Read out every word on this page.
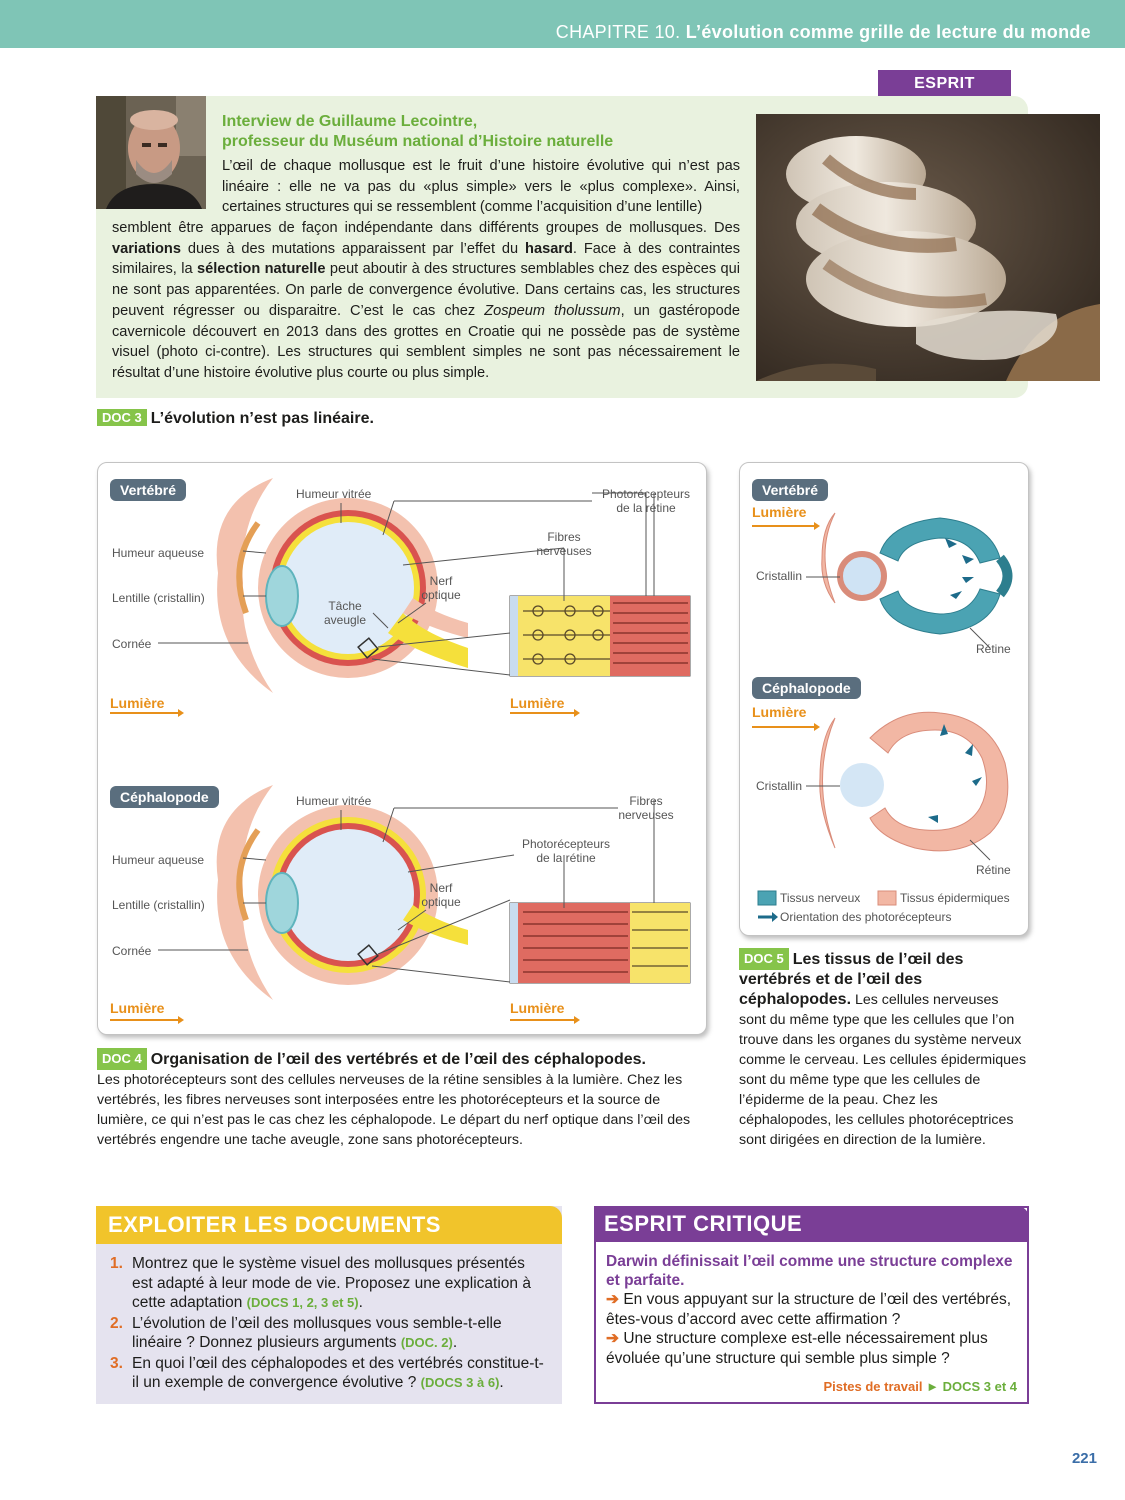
CHAPITRE 10. L’évolution comme grille de lecture du monde
ESPRIT
Interview de Guillaume Lecointre,
professeur du Muséum national d’Histoire naturelle
L’œil de chaque mollusque est le fruit d’une histoire évolutive qui n’est pas linéaire : elle ne va pas du «plus simple» vers le «plus complexe». Ainsi, certaines structures qui se ressemblent (comme l’acquisition d’une lentille)
semblent être apparues de façon indépendante dans différents groupes de mollusques. Des variations dues à des mutations apparaissent par l’effet du hasard. Face à des contraintes similaires, la sélection naturelle peut aboutir à des structures semblables chez des espèces qui ne sont pas apparentées. On parle de convergence évolutive. Dans certains cas, les structures peuvent régresser ou disparaitre. C’est le cas chez Zospeum tholussum, un gastéropode cavernicole découvert en 2013 dans des grottes en Croatie qui ne possède pas de système visuel (photo ci-contre). Les structures qui semblent simples ne sont pas nécessairement le résultat d’une histoire évolutive plus courte ou plus simple.
DOC 3 L’évolution n’est pas linéaire.
Vertébré	Humeur vitrée	Photorécepteurs de la rétine
Fibres nerveuses
Humeur aqueuse
Nerf optique
Lentille (cristallin)
Tâche aveugle
Cornée
Lumière	Lumière
Céphalopode	Humeur vitrée	Fibres nerveuses
Photorécepteurs de la rétine
Humeur aqueuse
Nerf optique
Lentille (cristallin)
Cornée
Lumière	Lumière
Vertébré
Lumière
Cristallin
Rétine
Céphalopode
Lumière
Cristallin
Rétine
Tissus nerveux	Tissus épidermiques
Orientation des photorécepteurs
DOC 4 Organisation de l’œil des vertébrés et de l’œil des céphalopodes.
Les photorécepteurs sont des cellules nerveuses de la rétine sensibles à la lumière. Chez les vertébrés, les fibres nerveuses sont interposées entre les photorécepteurs et la source de lumière, ce qui n’est pas le cas chez les céphalopode. Le départ du nerf optique dans l’œil des vertébrés engendre une tache aveugle, zone sans photorécepteurs.
DOC 5 Les tissus de l’œil des vertébrés et de l’œil des céphalopodes. Les cellules nerveuses sont du même type que les cellules que l’on trouve dans les organes du système nerveux comme le cerveau. Les cellules épidermiques sont du même type que les cellules de l’épiderme de la peau. Chez les céphalopodes, les cellules photoréceptrices sont dirigées en direction de la lumière.
EXPLOITER LES DOCUMENTS
1. Montrez que le système visuel des mollusques présentés est adapté à leur mode de vie. Proposez une explication à cette adaptation (DOCS 1, 2, 3 et 5).
2. L’évolution de l’œil des mollusques vous semble-t-elle linéaire ? Donnez plusieurs arguments (DOC. 2).
3. En quoi l’œil des céphalopodes et des vertébrés constitue-t-il un exemple de convergence évolutive ? (DOCS 3 à 6).
ESPRIT CRITIQUE
Darwin définissait l’œil comme une structure complexe et parfaite.
➔ En vous appuyant sur la structure de l’œil des vertébrés, êtes-vous d’accord avec cette affirmation ?
➔ Une structure complexe est-elle nécessairement plus évoluée qu’une structure qui semble plus simple ?
Pistes de travail ► DOCS 3 et 4
221
